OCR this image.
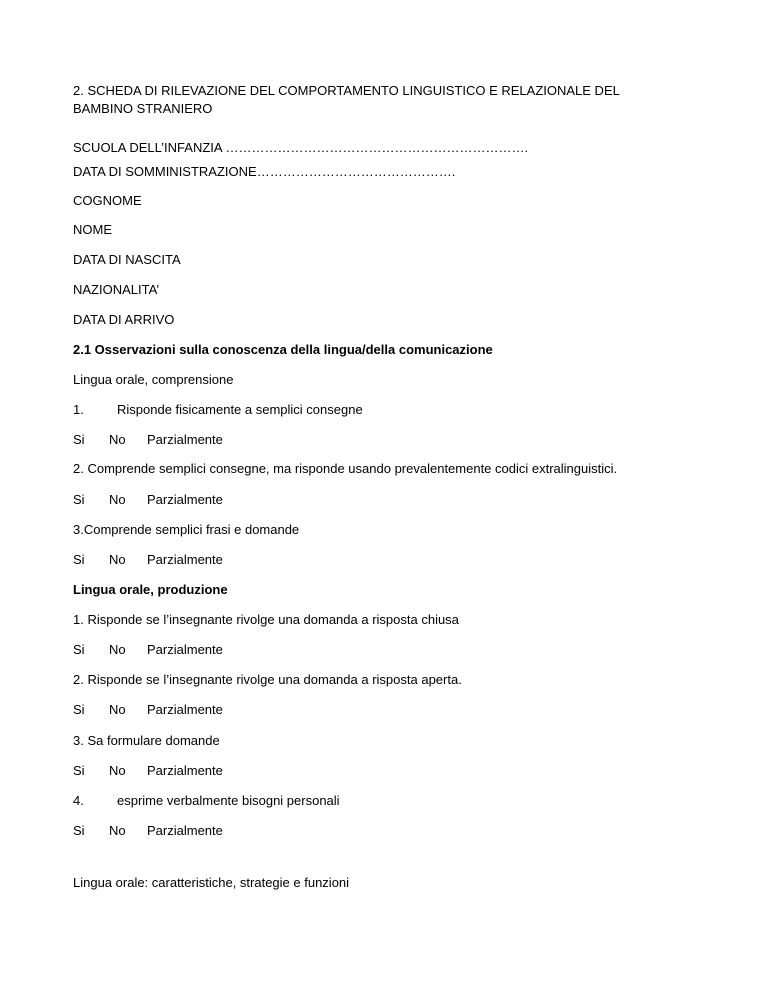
2. SCHEDA DI RILEVAZIONE DEL COMPORTAMENTO LINGUISTICO E RELAZIONALE DEL BAMBINO STRANIERO
SCUOLA DELL’INFANZIA …………………………………………………………….
DATA DI SOMMINISTRAZIONE……………………………………….
COGNOME
NOME
DATA DI NASCITA
NAZIONALITA’
DATA DI ARRIVO
2.1 Osservazioni sulla conoscenza della lingua/della comunicazione
Lingua orale, comprensione
1.	Risponde fisicamente a semplici consegne
Si No Parzialmente
2. Comprende semplici consegne, ma risponde usando prevalentemente codici extralinguistici.
Si No Parzialmente
3.Comprende semplici frasi e domande
Si No Parzialmente
Lingua orale, produzione
1. Risponde se l’insegnante rivolge una domanda a risposta chiusa
Si No Parzialmente
2. Risponde se l’insegnante rivolge una domanda a risposta aperta.
Si No Parzialmente
3. Sa formulare domande
Si No Parzialmente
4.	esprime verbalmente bisogni personali
Si No Parzialmente
Lingua orale: caratteristiche, strategie e funzioni
